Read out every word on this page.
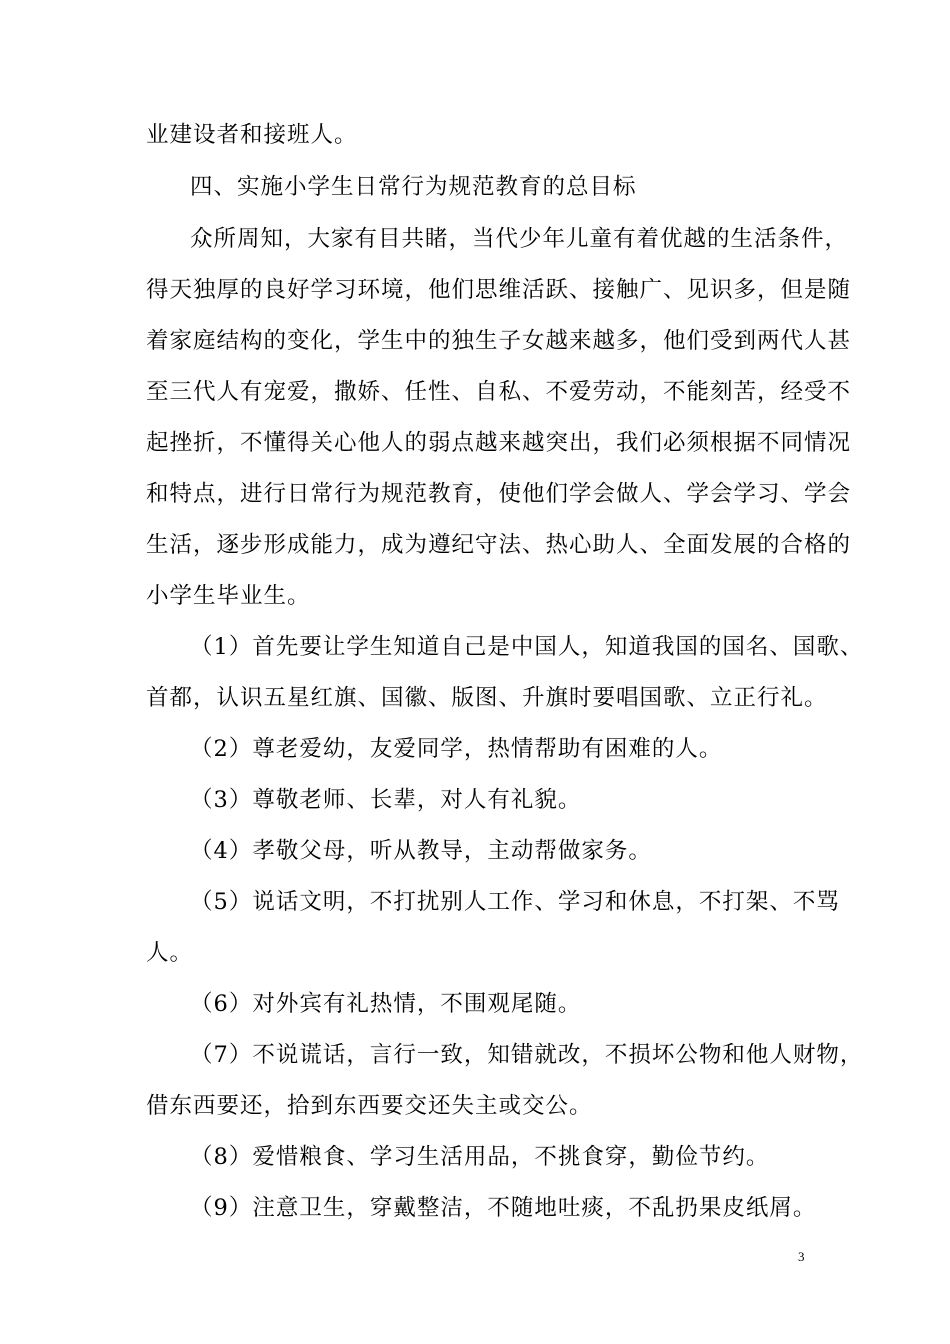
业建设者和接班人。
四、实施小学生日常行为规范教育的总目标
众所周知，大家有目共睹，当代少年儿童有着优越的生活条件，
得天独厚的良好学习环境，他们思维活跃、接触广、见识多，但是随
着家庭结构的变化，学生中的独生子女越来越多，他们受到两代人甚
至三代人有宠爱，撒娇、任性、自私、不爱劳动，不能刻苦，经受不
起挫折，不懂得关心他人的弱点越来越突出，我们必须根据不同情况
和特点，进行日常行为规范教育，使他们学会做人、学会学习、学会
生活，逐步形成能力，成为遵纪守法、热心助人、全面发展的合格的
小学生毕业生。
（1）首先要让学生知道自己是中国人，知道我国的国名、国歌、
首都，认识五星红旗、国徽、版图、升旗时要唱国歌、立正行礼。
（2）尊老爱幼，友爱同学，热情帮助有困难的人。
（3）尊敬老师、长辈，对人有礼貌。
（4）孝敬父母，听从教导，主动帮做家务。
（5）说话文明，不打扰别人工作、学习和休息，不打架、不骂
人。
（6）对外宾有礼热情，不围观尾随。
（7）不说谎话，言行一致，知错就改，不损坏公物和他人财物，
借东西要还，拾到东西要交还失主或交公。
（8）爱惜粮食、学习生活用品，不挑食穿，勤俭节约。
（9）注意卫生，穿戴整洁，不随地吐痰，不乱扔果皮纸屑。
3
